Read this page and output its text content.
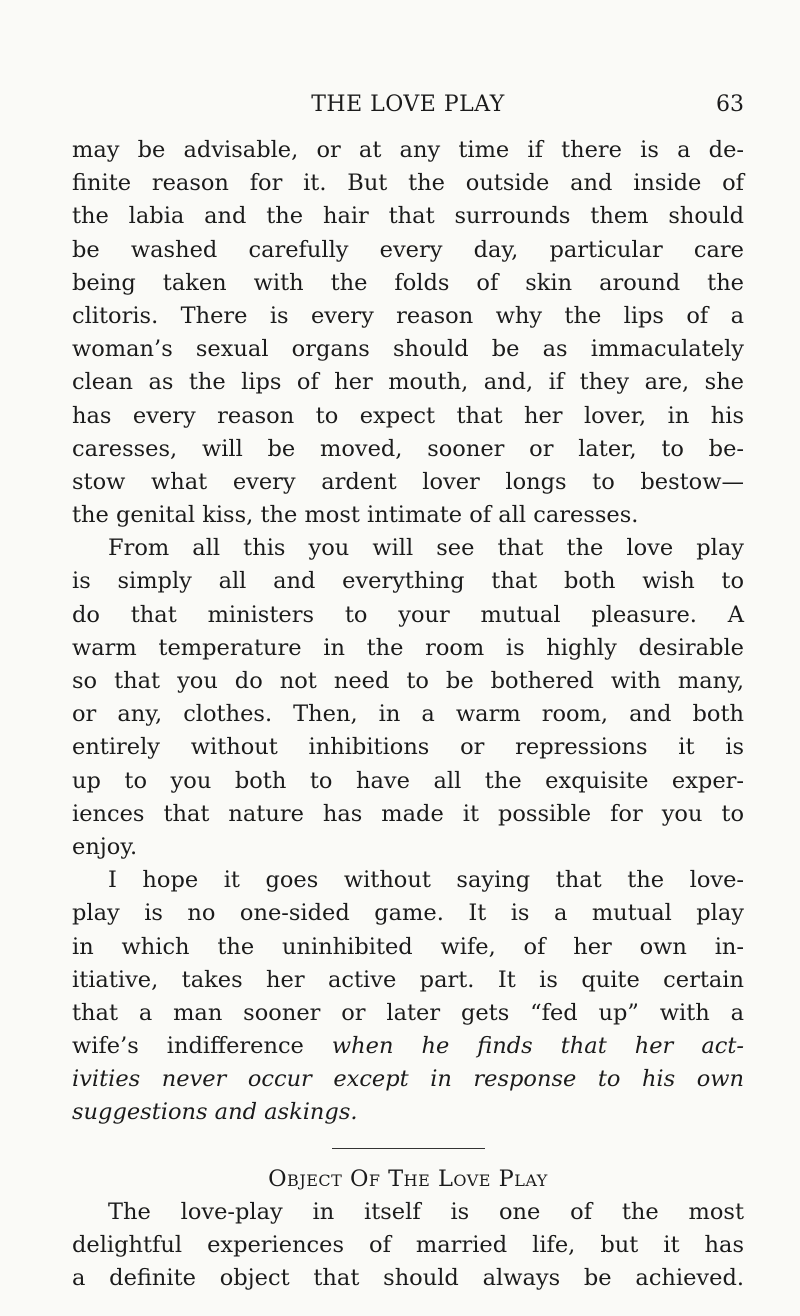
THE LOVE PLAY	63
may be advisable, or at any time if there is a de-
finite reason for it. But the outside and inside of
the labia and the hair that surrounds them should
be washed carefully every day, particular care
being taken with the folds of skin around the
clitoris. There is every reason why the lips of a
woman’s sexual organs should be as immaculately
clean as the lips of her mouth, and, if they are, she
has every reason to expect that her lover, in his
caresses, will be moved, sooner or later, to be-
stow what every ardent lover longs to bestow—
the genital kiss, the most intimate of all caresses.
From all this you will see that the love play
is simply all and everything that both wish to
do that ministers to your mutual pleasure. A
warm temperature in the room is highly desirable
so that you do not need to be bothered with many,
or any, clothes. Then, in a warm room, and both
entirely without inhibitions or repressions it is
up to you both to have all the exquisite exper-
iences that nature has made it possible for you to
enjoy.
I hope it goes without saying that the love-
play is no one-sided game. It is a mutual play
in which the uninhibited wife, of her own in-
itiative, takes her active part. It is quite certain
that a man sooner or later gets “fed up” with a
wife’s indifference when he finds that her act-
ivities never occur except in response to his own
suggestions and askings.
Object Of The Love Play
The love-play in itself is one of the most
delightful experiences of married life, but it has
a definite object that should always be achieved.
